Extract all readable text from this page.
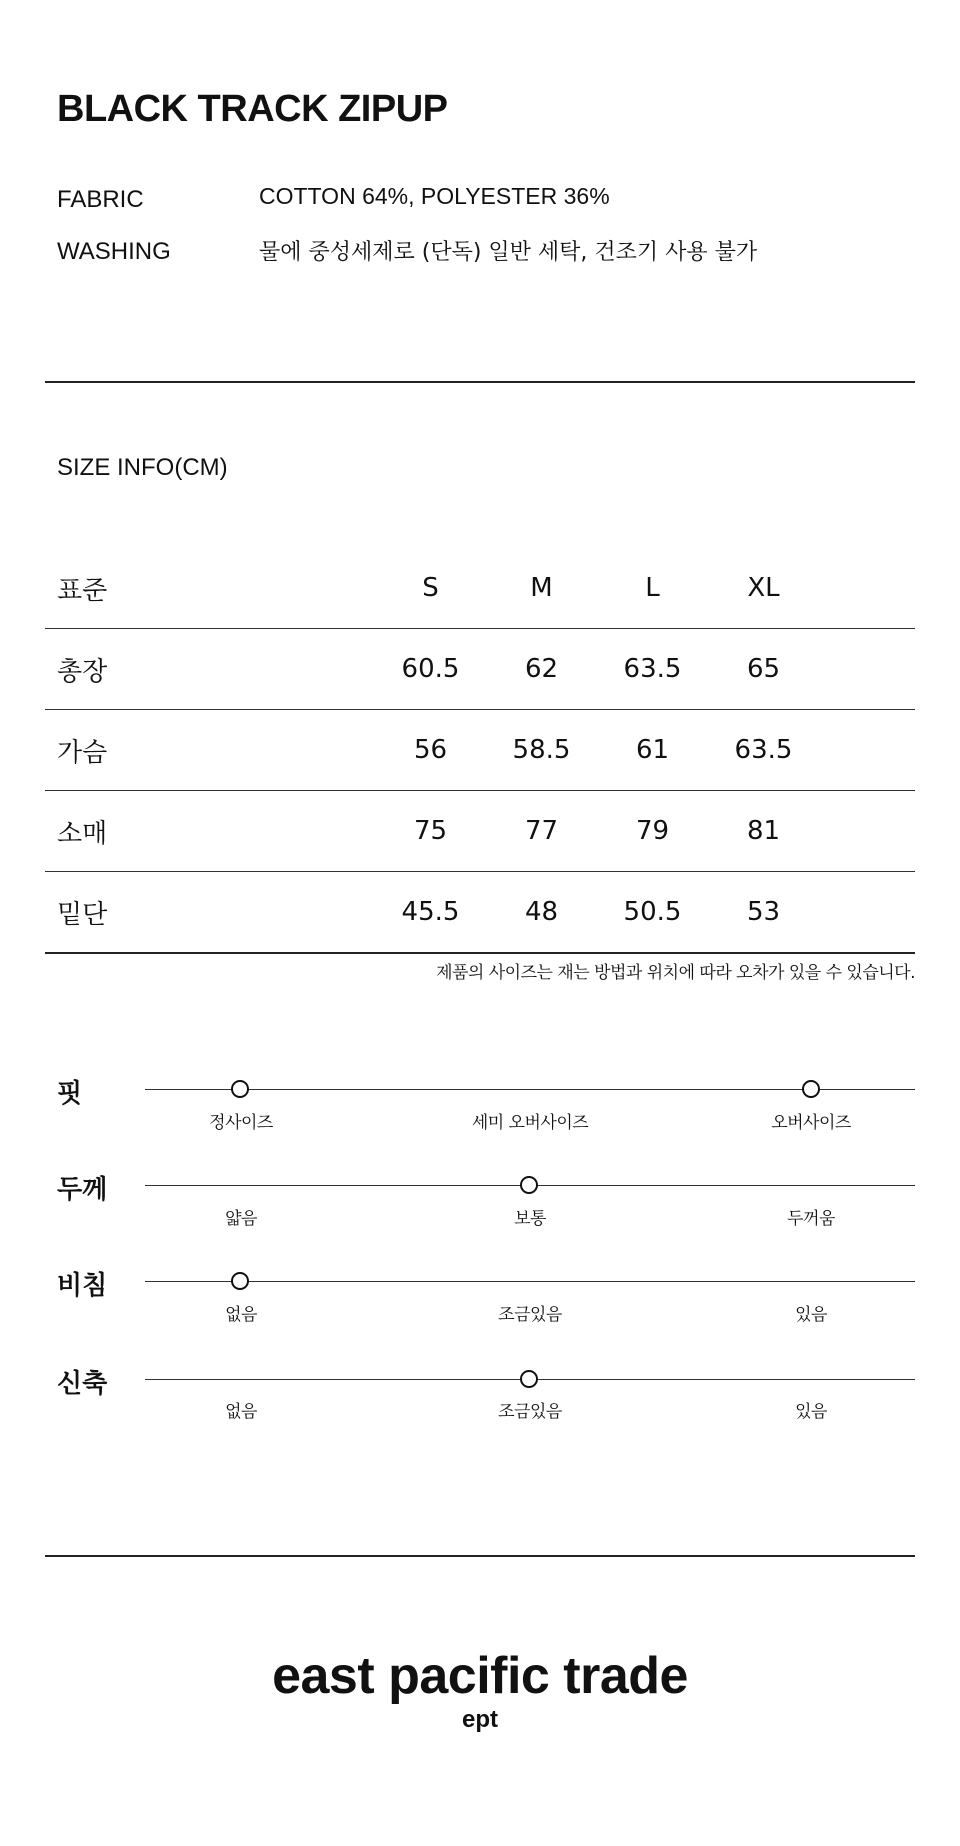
BLACK TRACK ZIPUP
FABRIC	COTTON 64%, POLYESTER 36%
WASHING	물에 중성세제로 (단독) 일반 세탁, 건조기 사용 불가
SIZE INFO(CM)
표준	S	M	L	XL	
총장	60.5	62	63.5	65	
가슴	56	58.5	61	63.5	
소매	75	77	79	81	
밑단	45.5	48	50.5	53	
제품의 사이즈는 재는 방법과 위치에 따라 오차가 있을 수 있습니다.
핏
정사이즈	세미 오버사이즈	오버사이즈
두께
얇음	보통	두꺼움
비침
없음	조금있음	있음
신축
없음	조금있음	있음
east pacific trade
ept
